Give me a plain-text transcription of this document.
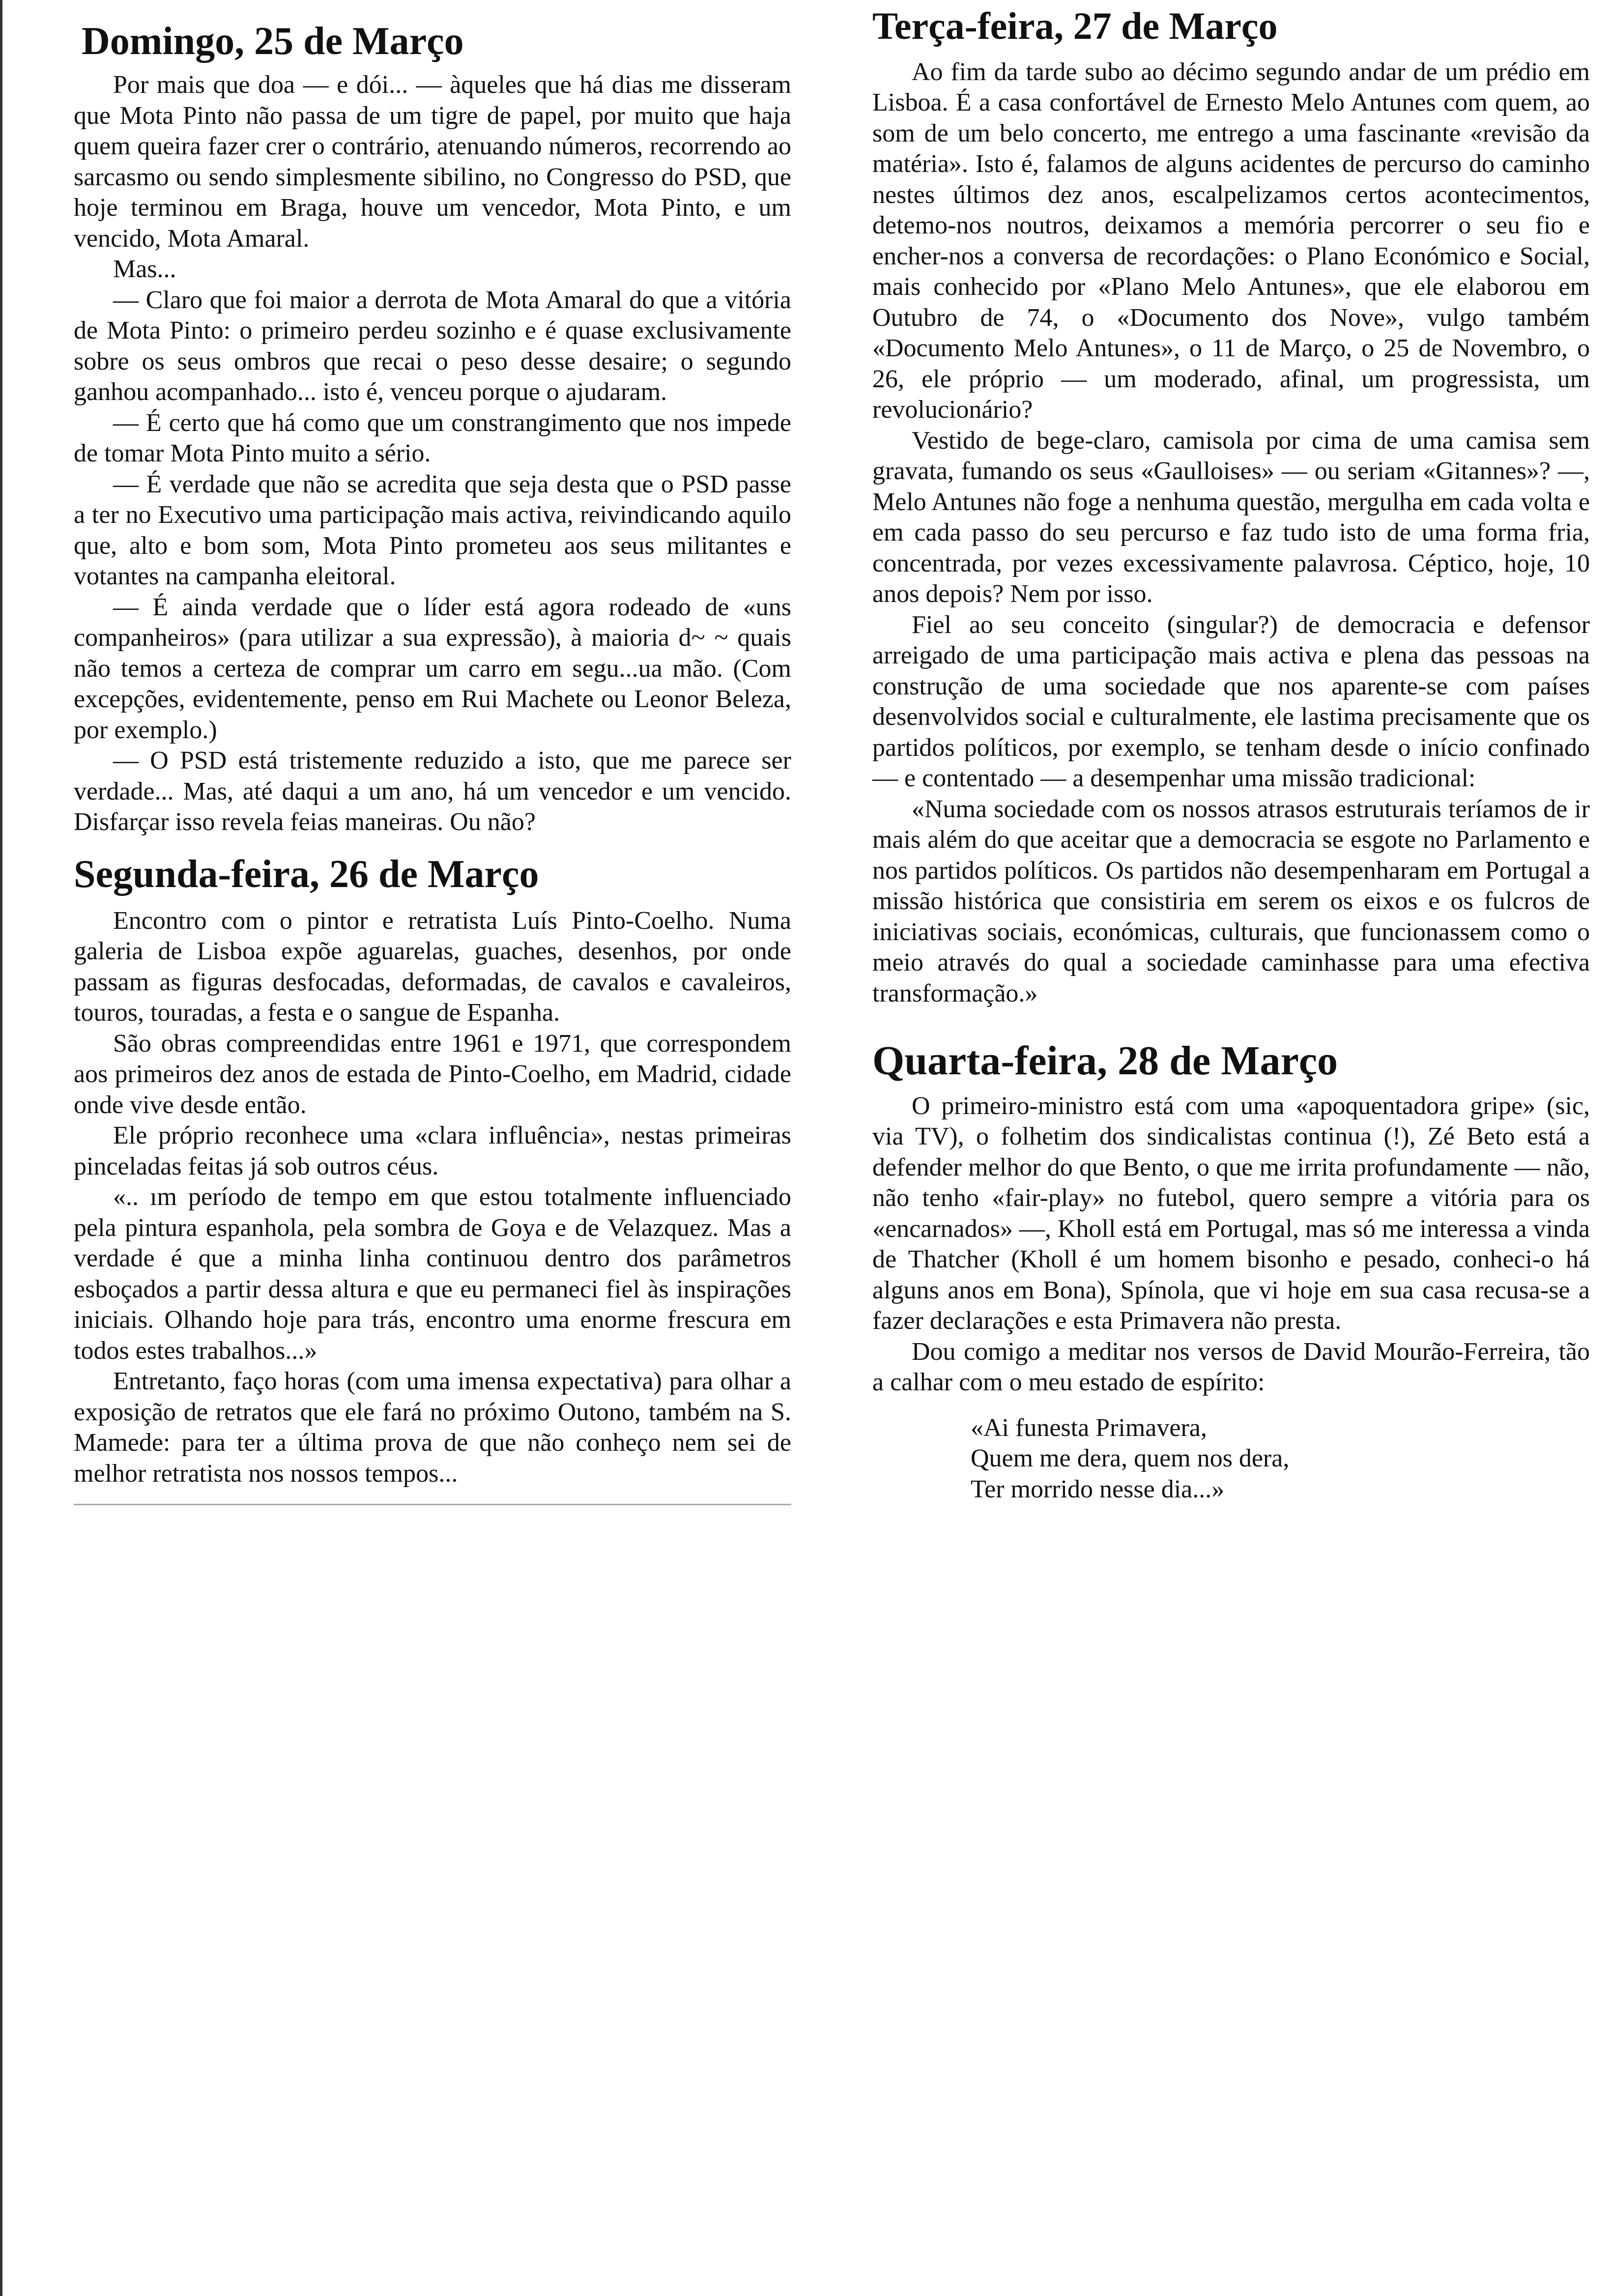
Domingo, 25 de Março

Por mais que doa — e dói... — àqueles que há dias me disseram que Mota Pinto não passa de um tigre de papel, por muito que haja quem queira fazer crer o contrário, atenuando números, recorrendo ao sarcasmo ou sendo simplesmente sibilino, no Congresso do PSD, que hoje terminou em Braga, houve um vencedor, Mota Pinto, e um vencido, Mota Amaral.

Mas...

— Claro que foi maior a derrota de Mota Amaral do que a vitória de Mota Pinto: o primeiro perdeu sozinho e é quase exclusivamente sobre os seus ombros que recai o peso desse desaire; o segundo ganhou acompanhado... isto é, venceu porque o ajudaram.

— É certo que há como que um constrangimento que nos impede de tomar Mota Pinto muito a sério.

— É verdade que não se acredita que seja desta que o PSD passe a ter no Executivo uma participação mais activa, reivindicando aquilo que, alto e bom som, Mota Pinto prometeu aos seus militantes e votantes na campanha eleitoral.

— É ainda verdade que o líder está agora rodeado de «uns companheiros» (para utilizar a sua expressão), à maioria d~ ~ quais não temos a certeza de comprar um carro em segu...ua mão. (Com excepções, evidentemente, penso em Rui Machete ou Leonor Beleza, por exemplo.)

— O PSD está tristemente reduzido a isto, que me parece ser verdade... Mas, até daqui a um ano, há um vencedor e um vencido. Disfarçar isso revela feias maneiras. Ou não?

Segunda-feira, 26 de Março

Encontro com o pintor e retratista Luís Pinto-Coelho. Numa galeria de Lisboa expõe aguarelas, guaches, desenhos, por onde passam as figuras desfocadas, deformadas, de cavalos e cavaleiros, touros, touradas, a festa e o sangue de Espanha.

São obras compreendidas entre 1961 e 1971, que correspondem aos primeiros dez anos de estada de Pinto-Coelho, em Madrid, cidade onde vive desde então.

Ele próprio reconhece uma «clara influência», nestas primeiras pinceladas feitas já sob outros céus.

«.. ım período de tempo em que estou totalmente influenciado pela pintura espanhola, pela sombra de Goya e de Velazquez. Mas a verdade é que a minha linha continuou dentro dos parâmetros esboçados a partir dessa altura e que eu permaneci fiel às inspirações iniciais. Olhando hoje para trás, encontro uma enorme frescura em todos estes trabalhos...»

Entretanto, faço horas (com uma imensa expectativa) para olhar a exposição de retratos que ele fará no próximo Outono, também na S. Mamede: para ter a última prova de que não conheço nem sei de melhor retratista nos nossos tempos...

Terça-feira, 27 de Março

Ao fim da tarde subo ao décimo segundo andar de um prédio em Lisboa. É a casa confortável de Ernesto Melo Antunes com quem, ao som de um belo concerto, me entrego a uma fascinante «revisão da matéria». Isto é, falamos de alguns acidentes de percurso do caminho nestes últimos dez anos, escalpelizamos certos acontecimentos, detemo-nos noutros, deixamos a memória percorrer o seu fio e encher-nos a conversa de recordações: o Plano Económico e Social, mais conhecido por «Plano Melo Antunes», que ele elaborou em Outubro de 74, o «Documento dos Nove», vulgo também «Documento Melo Antunes», o 11 de Março, o 25 de Novembro, o 26, ele próprio — um moderado, afinal, um progressista, um revolucionário?

Vestido de bege-claro, camisola por cima de uma camisa sem gravata, fumando os seus «Gaulloises» — ou seriam «Gitannes»? —, Melo Antunes não foge a nenhuma questão, mergulha em cada volta e em cada passo do seu percurso e faz tudo isto de uma forma fria, concentrada, por vezes excessivamente palavrosa. Céptico, hoje, 10 anos depois? Nem por isso.

Fiel ao seu conceito (singular?) de democracia e defensor arreigado de uma participação mais activa e plena das pessoas na construção de uma sociedade que nos aparente-se com países desenvolvidos social e culturalmente, ele lastima precisamente que os partidos políticos, por exemplo, se tenham desde o início confinado — e contentado — a desempenhar uma missão tradicional:

«Numa sociedade com os nossos atrasos estruturais teríamos de ir mais além do que aceitar que a democracia se esgote no Parlamento e nos partidos políticos. Os partidos não desempenharam em Portugal a missão histórica que consistiria em serem os eixos e os fulcros de iniciativas sociais, económicas, culturais, que funcionassem como o meio através do qual a sociedade caminhasse para uma efectiva transformação.»

Quarta-feira, 28 de Março

O primeiro-ministro está com uma «apoquentadora gripe» (sic, via TV), o folhetim dos sindicalistas continua (!), Zé Beto está a defender melhor do que Bento, o que me irrita profundamente — não, não tenho «fair-play» no futebol, quero sempre a vitória para os «encarnados» —, Kholl está em Portugal, mas só me interessa a vinda de Thatcher (Kholl é um homem bisonho e pesado, conheci-o há alguns anos em Bona), Spínola, que vi hoje em sua casa recusa-se a fazer declarações e esta Primavera não presta.

Dou comigo a meditar nos versos de David Mourão-Ferreira, tão a calhar com o meu estado de espírito:

«Ai funesta Primavera,
Quem me dera, quem nos dera,
Ter morrido nesse dia...»
